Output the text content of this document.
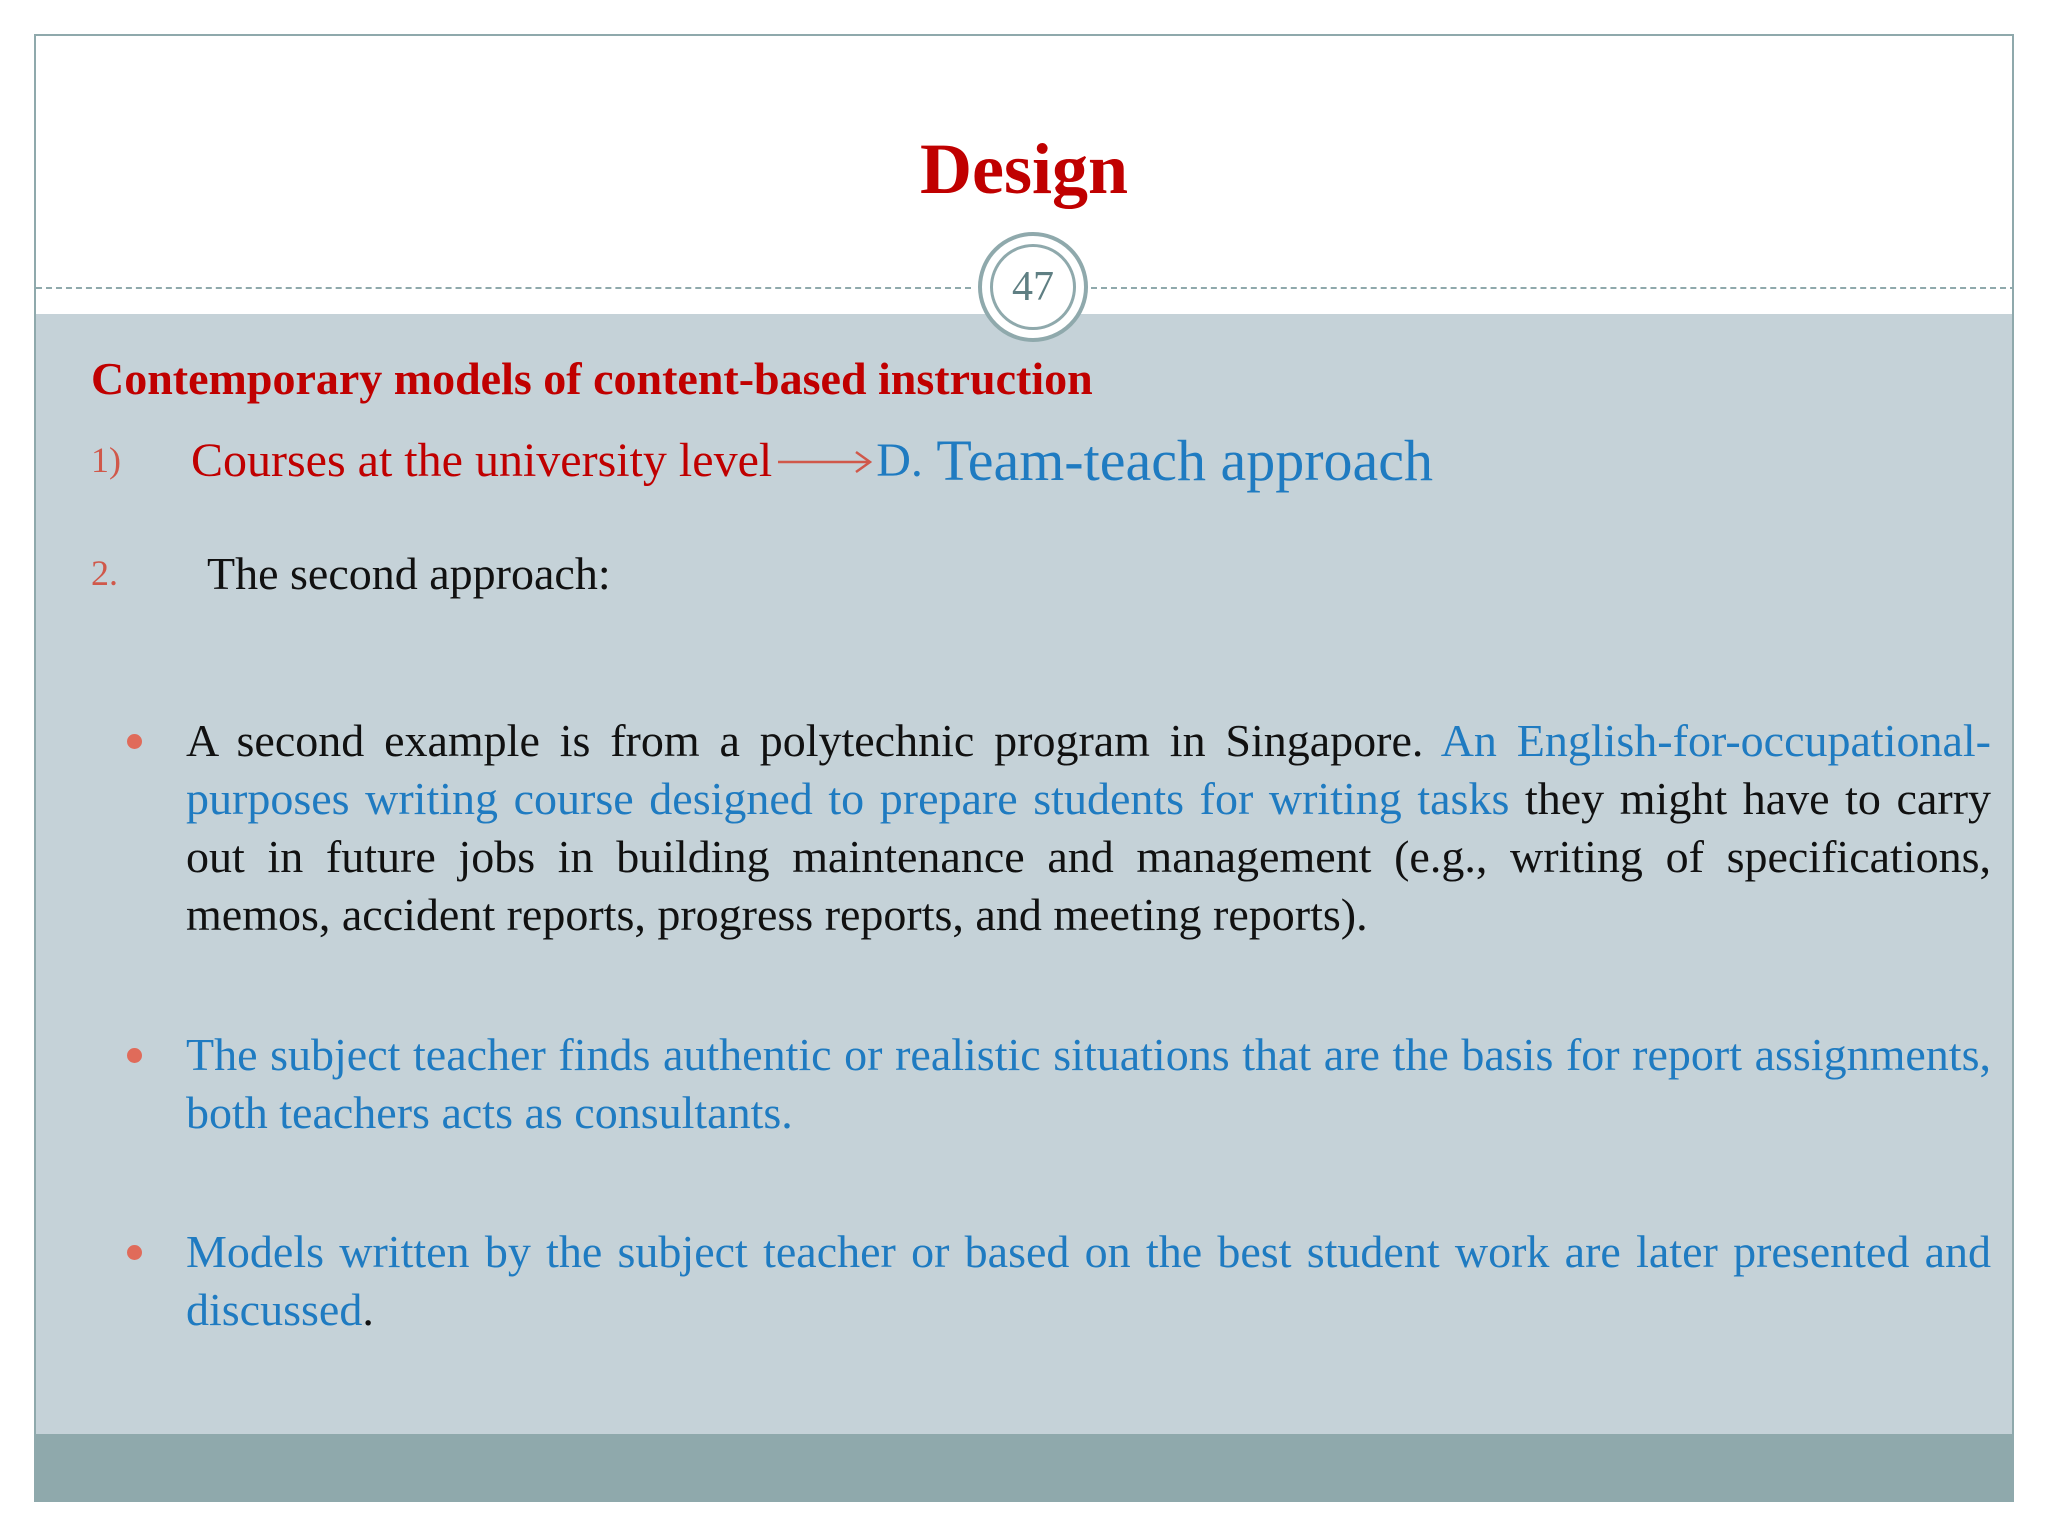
Design
47
Contemporary models of content-based instruction
1) Courses at the university level D. Team-teach approach
2. The second approach:
A second example is from a polytechnic program in Singapore. An English-for-occupational-purposes writing course designed to prepare students for writing tasks they might have to carry out in future jobs in building maintenance and management (e.g., writing of specifications, memos, accident reports, progress reports, and meeting reports).
The subject teacher finds authentic or realistic situations that are the basis for report assignments, both teachers acts as consultants.
Models written by the subject teacher or based on the best student work are later presented and discussed.
